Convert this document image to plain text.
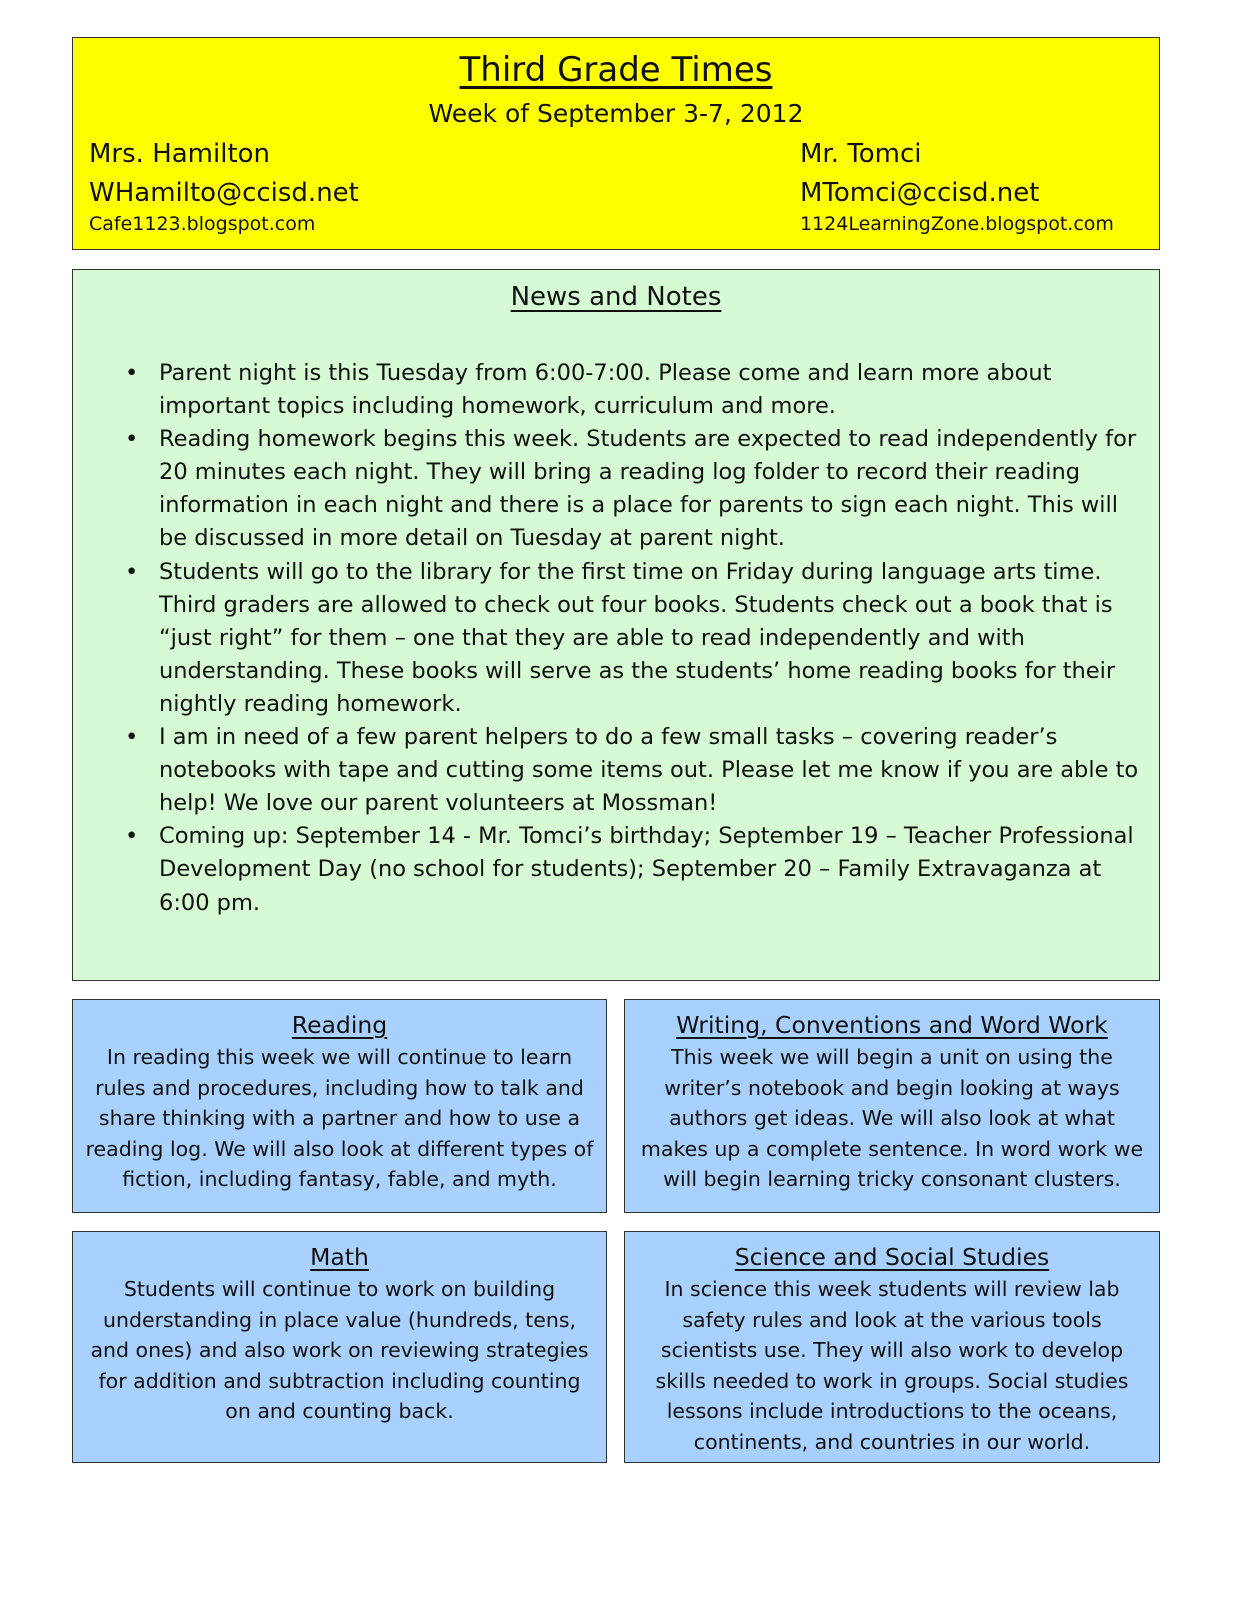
Third Grade Times
Week of September 3-7, 2012
Mrs. Hamilton
WHamilto@ccisd.net
Cafe1123.blogspot.com
Mr. Tomci
MTomci@ccisd.net
1124LearningZone.blogspot.com
News and Notes
• Parent night is this Tuesday from 6:00-7:00. Please come and learn more about important topics including homework, curriculum and more.
• Reading homework begins this week. Students are expected to read independently for 20 minutes each night. They will bring a reading log folder to record their reading information in each night and there is a place for parents to sign each night. This will be discussed in more detail on Tuesday at parent night.
• Students will go to the library for the first time on Friday during language arts time. Third graders are allowed to check out four books. Students check out a book that is “just right” for them – one that they are able to read independently and with understanding. These books will serve as the students’ home reading books for their nightly reading homework.
• I am in need of a few parent helpers to do a few small tasks – covering reader’s notebooks with tape and cutting some items out. Please let me know if you are able to help! We love our parent volunteers at Mossman!
• Coming up: September 14 - Mr. Tomci’s birthday; September 19 – Teacher Professional Development Day (no school for students); September 20 – Family Extravaganza at 6:00 pm.
Reading
In reading this week we will continue to learn rules and procedures, including how to talk and share thinking with a partner and how to use a reading log. We will also look at different types of fiction, including fantasy, fable, and myth.
Writing, Conventions and Word Work
This week we will begin a unit on using the writer’s notebook and begin looking at ways authors get ideas. We will also look at what makes up a complete sentence. In word work we will begin learning tricky consonant clusters.
Math
Students will continue to work on building understanding in place value (hundreds, tens, and ones) and also work on reviewing strategies for addition and subtraction including counting on and counting back.
Science and Social Studies
In science this week students will review lab safety rules and look at the various tools scientists use. They will also work to develop skills needed to work in groups. Social studies lessons include introductions to the oceans, continents, and countries in our world.
